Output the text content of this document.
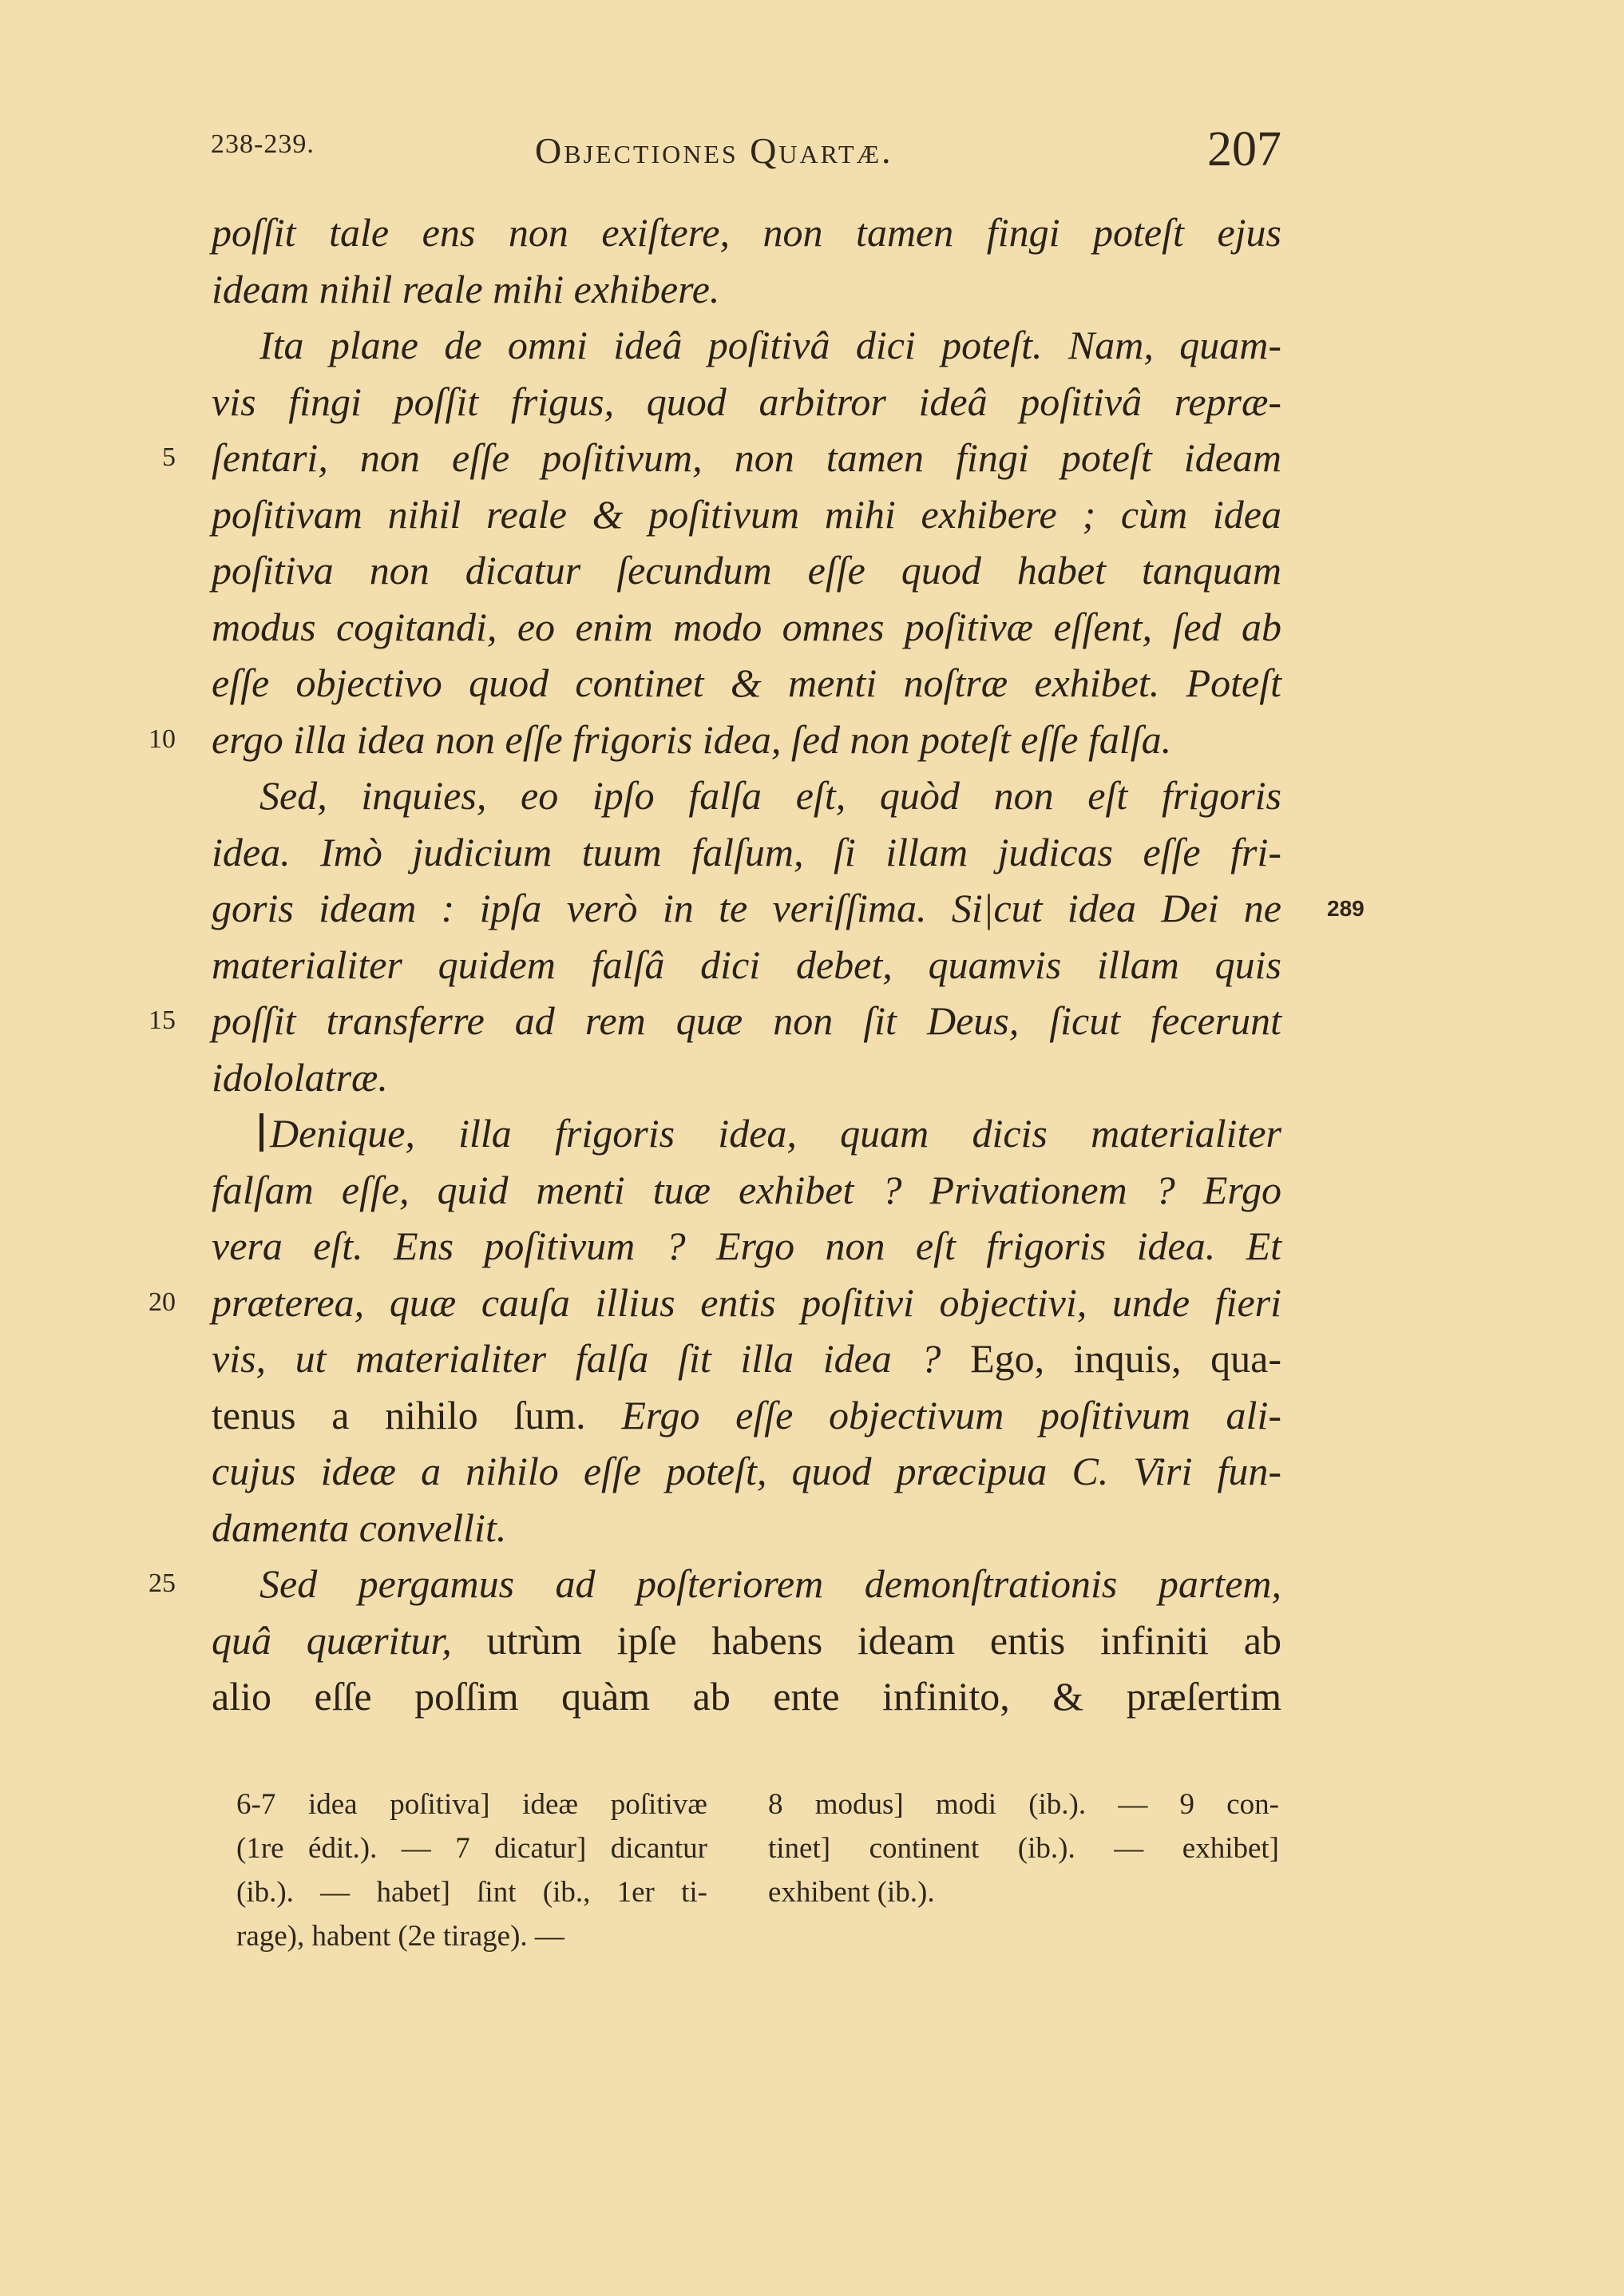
238-239.	Objectiones Quartæ.	207
poſſit tale ens non exiſtere, non tamen fingi poteſt ejus
ideam nihil reale mihi exhibere.
Ita plane de omni ideâ poſitivâ dici poteſt. Nam, quam-
vis fingi poſſit frigus, quod arbitror ideâ poſitivâ repræ-
ſentari, non eſſe poſitivum, non tamen fingi poteſt ideam
poſitivam nihil reale & poſitivum mihi exhibere ; cùm idea
poſitiva non dicatur ſecundum eſſe quod habet tanquam
modus cogitandi, eo enim modo omnes poſitivæ eſſent, ſed ab
eſſe objectivo quod continet & menti noſtræ exhibet. Poteſt
ergo illa idea non eſſe frigoris idea, ſed non poteſt eſſe falſa.
Sed, inquies, eo ipſo falſa eſt, quòd non eſt frigoris
idea. Imò judicium tuum falſum, ſi illam judicas eſſe fri-
goris ideam : ipſa verò in te veriſſima. Si|cut idea Dei ne
materialiter quidem falſâ dici debet, quamvis illam quis
poſſit transferre ad rem quæ non ſit Deus, ſicut fecerunt
idololatræ.
Denique, illa frigoris idea, quam dicis materialiter
falſam eſſe, quid menti tuæ exhibet ? Privationem ? Ergo
vera eſt. Ens poſitivum ? Ergo non eſt frigoris idea. Et
præterea, quæ cauſa illius entis poſitivi objectivi, unde fieri
vis, ut materialiter falſa ſit illa idea ? Ego, inquis, qua-
tenus a nihilo ſum. Ergo eſſe objectivum poſitivum ali-
cujus ideæ a nihilo eſſe poteſt, quod præcipua C. Viri fun-
damenta convellit.
Sed pergamus ad poſteriorem demonſtrationis partem,
quâ quæritur, utrùm ipſe habens ideam entis infiniti ab
alio eſſe poſſim quàm ab ente infinito, & præſertim
5
10
15
20
25
289
6-7 idea poſitiva] ideæ poſitivæ
(1re édit.). — 7 dicatur] dicantur
(ib.). — habet] ſint (ib., 1er ti-
rage), habent (2e tirage). —
8 modus] modi (ib.). — 9 con-
tinet] continent (ib.). — exhibet]
exhibent (ib.).
